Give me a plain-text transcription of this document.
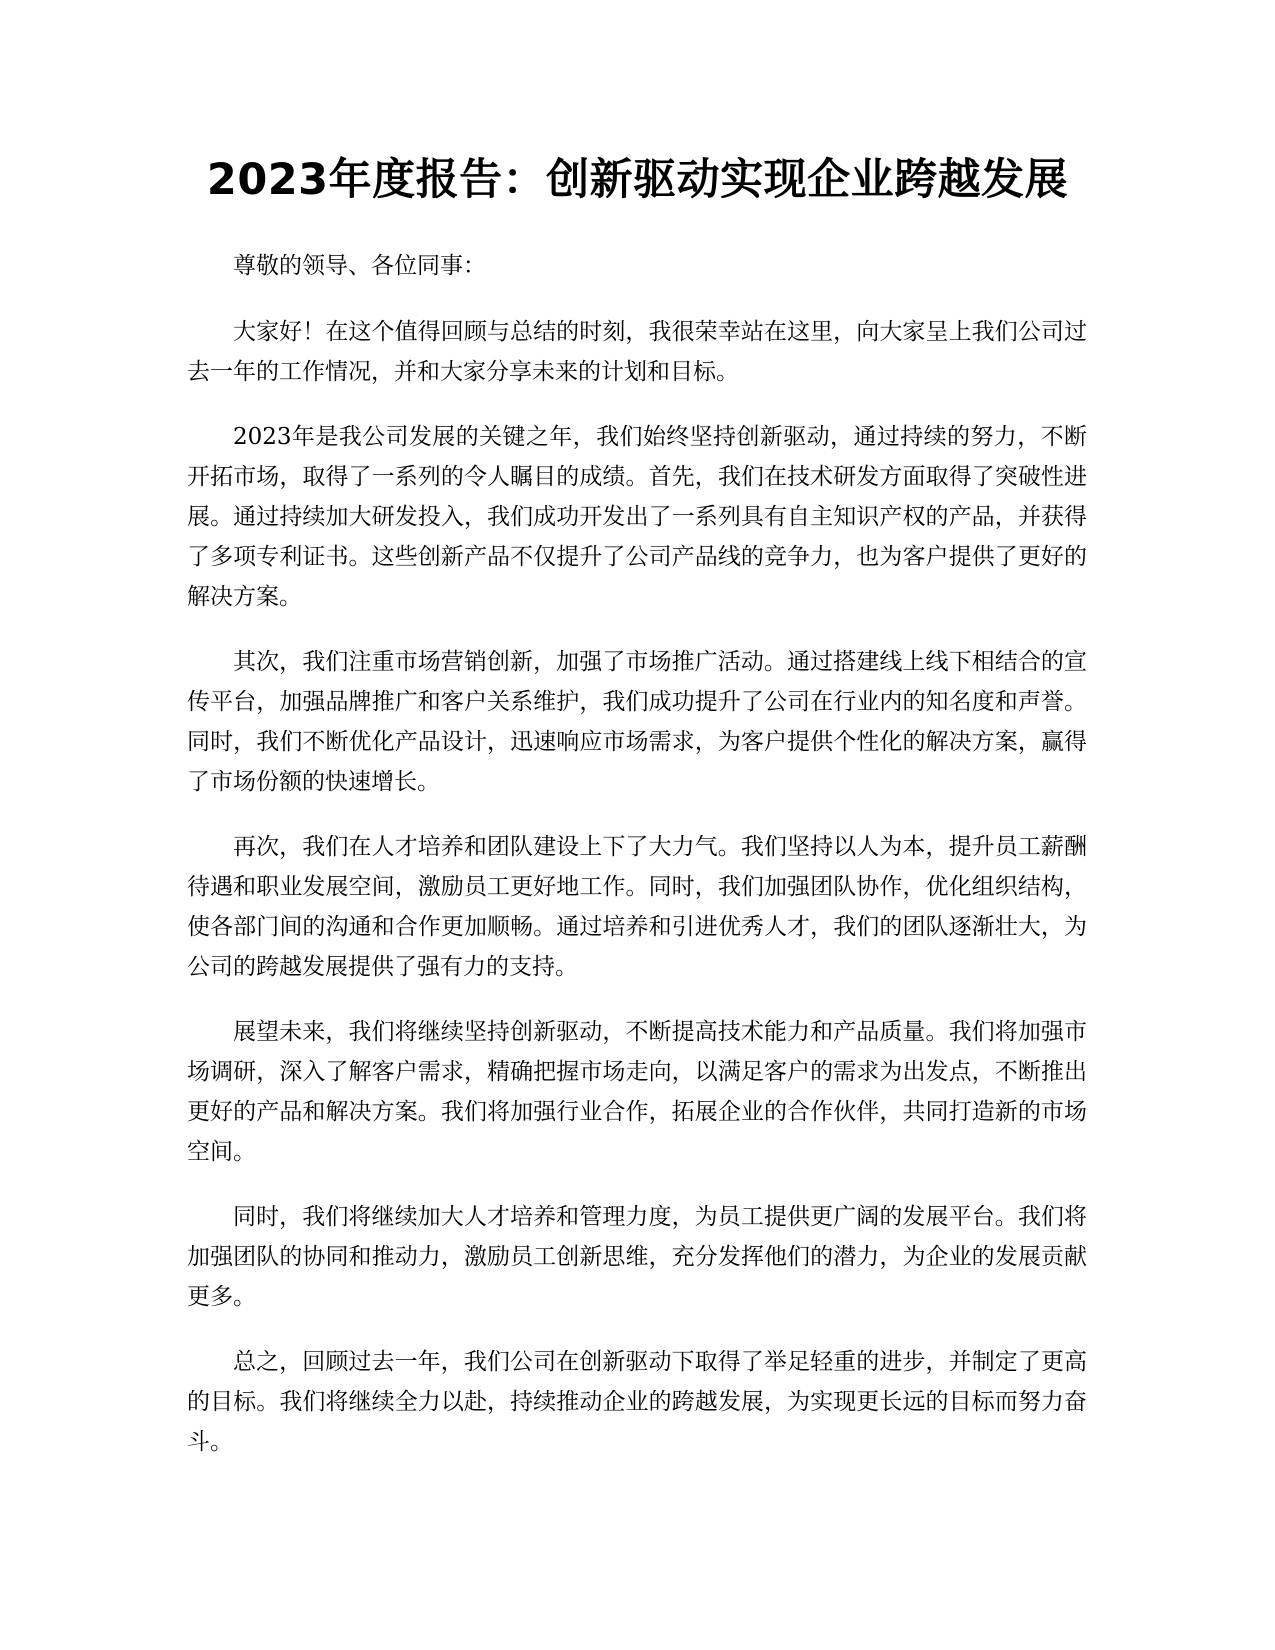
2023年度报告：创新驱动实现企业跨越发展

尊敬的领导、各位同事：

大家好！在这个值得回顾与总结的时刻，我很荣幸站在这里，向大家呈上我们公司过去一年的工作情况，并和大家分享未来的计划和目标。

2023年是我公司发展的关键之年，我们始终坚持创新驱动，通过持续的努力，不断开拓市场，取得了一系列的令人瞩目的成绩。首先，我们在技术研发方面取得了突破性进展。通过持续加大研发投入，我们成功开发出了一系列具有自主知识产权的产品，并获得了多项专利证书。这些创新产品不仅提升了公司产品线的竞争力，也为客户提供了更好的解决方案。

其次，我们注重市场营销创新，加强了市场推广活动。通过搭建线上线下相结合的宣传平台，加强品牌推广和客户关系维护，我们成功提升了公司在行业内的知名度和声誉。同时，我们不断优化产品设计，迅速响应市场需求，为客户提供个性化的解决方案，赢得了市场份额的快速增长。

再次，我们在人才培养和团队建设上下了大力气。我们坚持以人为本，提升员工薪酬待遇和职业发展空间，激励员工更好地工作。同时，我们加强团队协作，优化组织结构，使各部门间的沟通和合作更加顺畅。通过培养和引进优秀人才，我们的团队逐渐壮大，为公司的跨越发展提供了强有力的支持。

展望未来，我们将继续坚持创新驱动，不断提高技术能力和产品质量。我们将加强市场调研，深入了解客户需求，精确把握市场走向，以满足客户的需求为出发点，不断推出更好的产品和解决方案。我们将加强行业合作，拓展企业的合作伙伴，共同打造新的市场空间。

同时，我们将继续加大人才培养和管理力度，为员工提供更广阔的发展平台。我们将加强团队的协同和推动力，激励员工创新思维，充分发挥他们的潜力，为企业的发展贡献更多。

总之，回顾过去一年，我们公司在创新驱动下取得了举足轻重的进步，并制定了更高的目标。我们将继续全力以赴，持续推动企业的跨越发展，为实现更长远的目标而努力奋斗。
